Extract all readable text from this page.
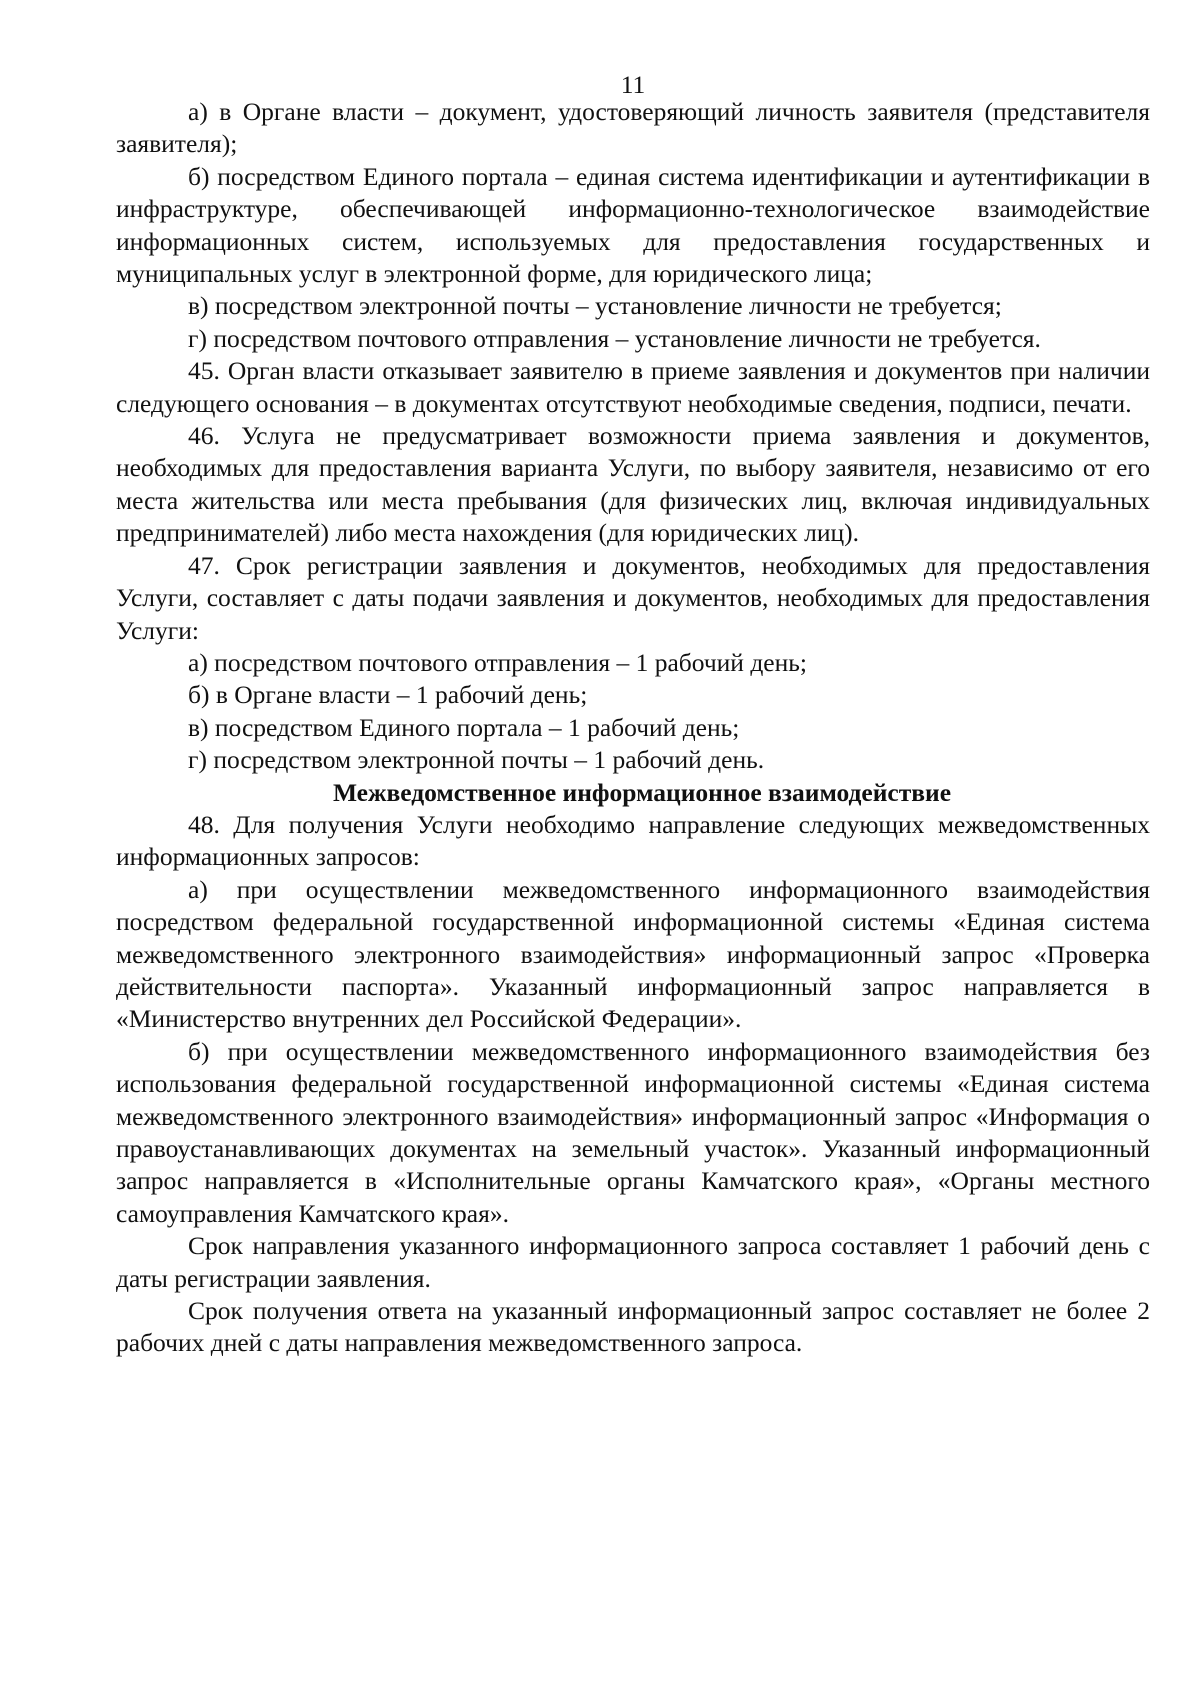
11

а) в Органе власти – документ, удостоверяющий личность заявителя (представителя заявителя);

б) посредством Единого портала – единая система идентификации и аутентификации в инфраструктуре, обеспечивающей информационно-технологическое взаимодействие информационных систем, используемых для предоставления государственных и муниципальных услуг в электронной форме, для юридического лица;

в) посредством электронной почты – установление личности не требуется;

г) посредством почтового отправления – установление личности не требуется.

45. Орган власти отказывает заявителю в приеме заявления и документов при наличии следующего основания – в документах отсутствуют необходимые сведения, подписи, печати.

46. Услуга не предусматривает возможности приема заявления и документов, необходимых для предоставления варианта Услуги, по выбору заявителя, независимо от его места жительства или места пребывания (для физических лиц, включая индивидуальных предпринимателей) либо места нахождения (для юридических лиц).

47. Срок регистрации заявления и документов, необходимых для предоставления Услуги, составляет с даты подачи заявления и документов, необходимых для предоставления Услуги:

а) посредством почтового отправления – 1 рабочий день;

б) в Органе власти – 1 рабочий день;

в) посредством Единого портала – 1 рабочий день;

г) посредством электронной почты – 1 рабочий день.

Межведомственное информационное взаимодействие

48. Для получения Услуги необходимо направление следующих межведомственных информационных запросов:

а) при осуществлении межведомственного информационного взаимодействия посредством федеральной государственной информационной системы «Единая система межведомственного электронного взаимодействия» информационный запрос «Проверка действительности паспорта». Указанный информационный запрос направляется в «Министерство внутренних дел Российской Федерации».

б) при осуществлении межведомственного информационного взаимодействия без использования федеральной государственной информационной системы «Единая система межведомственного электронного взаимодействия» информационный запрос «Информация о правоустанавливающих документах на земельный участок». Указанный информационный запрос направляется в «Исполнительные органы Камчатского края», «Органы местного самоуправления Камчатского края».

Срок направления указанного информационного запроса составляет 1 рабочий день с даты регистрации заявления.

Срок получения ответа на указанный информационный запрос составляет не более 2 рабочих дней с даты направления межведомственного запроса.
